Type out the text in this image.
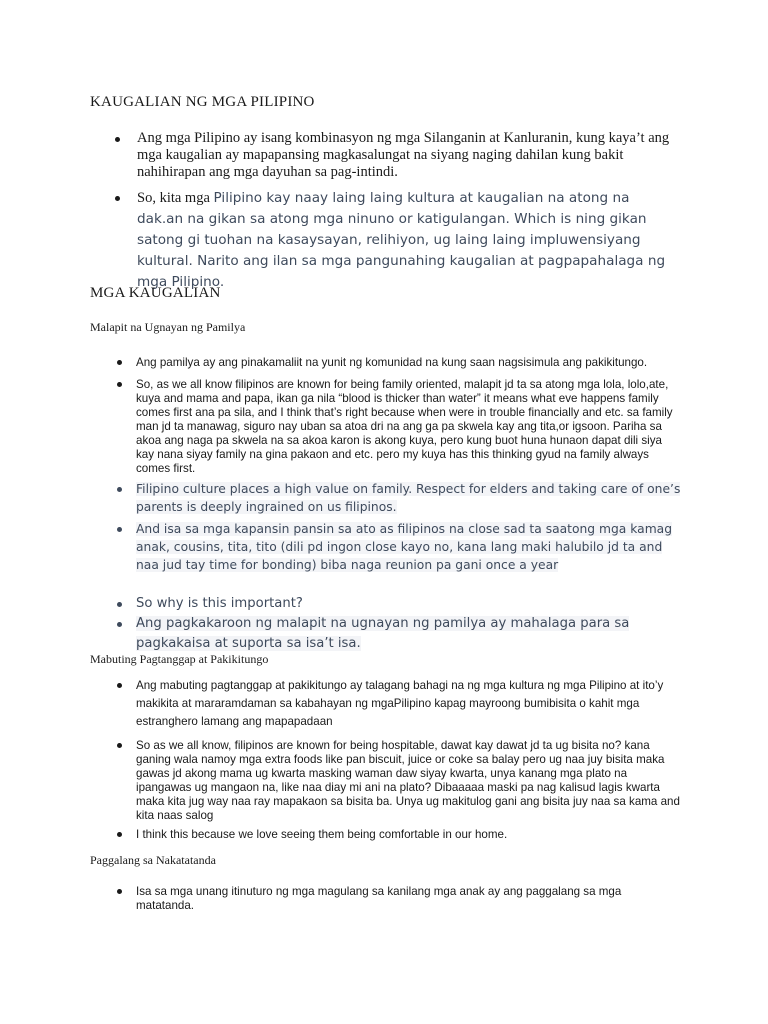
KAUGALIAN NG MGA PILIPINO
Ang mga Pilipino ay isang kombinasyon ng mga Silanganin at Kanluranin, kung kaya’t ang mga kaugalian ay mapapansing magkasalungat na siyang naging dahilan kung bakit nahihirapan ang mga dayuhan sa pag-intindi.
So, kita mga Pilipino kay naay laing laing kultura at kaugalian na atong na dak.an na gikan sa atong mga ninuno or katigulangan. Which is ning gikan satong gi tuohan na kasaysayan, relihiyon, ug laing laing impluwensiyang kultural. Narito ang ilan sa mga pangunahing kaugalian at pagpapahalaga ng mga Pilipino.
MGA KAUGALIAN
Malapit na Ugnayan ng Pamilya
Ang pamilya ay ang pinakamaliit na yunit ng komunidad na kung saan nagsisimula ang pakikitungo.
So, as we all know filipinos are known for being family oriented, malapit jd ta sa atong mga lola, lolo,ate, kuya and mama and papa, ikan ga nila “blood is thicker than water” it means what eve happens family comes first ana pa sila, and I think that’s right because when were in trouble financially and etc. sa family man jd ta manawag, siguro nay uban sa atoa dri na ang ga pa skwela kay ang tita,or igsoon. Pariha sa akoa ang naga pa skwela na sa akoa karon is akong kuya, pero kung buot huna hunaon dapat dili siya kay nana siyay family na gina pakaon and etc. pero my kuya has this thinking gyud na family always comes first.
Filipino culture places a high value on family. Respect for elders and taking care of one’s parents is deeply ingrained on us filipinos.
And isa sa mga kapansin pansin sa ato as filipinos na close sad ta saatong mga kamag anak, cousins, tita, tito (dili pd ingon close kayo no, kana lang maki halubilo jd ta and naa jud tay time for bonding) biba naga reunion pa gani once a year
So why is this important?
Ang pagkakaroon ng malapit na ugnayan ng pamilya ay mahalaga para sa pagkakaisa at suporta sa isa’t isa.
Mabuting Pagtanggap at Pakikitungo
Ang mabuting pagtanggap at pakikitungo ay talagang bahagi na ng mga kultura ng mga Pilipino at ito’y makikita at mararamdaman sa kabahayan ng mgaPilipino kapag mayroong bumibisita o kahit mga estranghero lamang ang mapapadaan
So as we all know, filipinos are known for being hospitable, dawat kay dawat jd ta ug bisita no? kana ganing wala namoy mga extra foods like pan biscuit, juice or coke sa balay pero ug naa juy bisita maka gawas jd akong mama ug kwarta masking waman daw siyay kwarta, unya kanang mga plato na ipangawas ug mangaon na, like naa diay mi ani na plato? Dibaaaaa maski pa nag kalisud lagis kwarta maka kita jug way naa ray mapakaon sa bisita ba. Unya ug makitulog gani ang bisita juy naa sa kama and kita naas salog
I think this because we love seeing them being comfortable in our home.
Paggalang sa Nakatatanda
Isa sa mga unang itinuturo ng mga magulang sa kanilang mga anak ay ang paggalang sa mga matatanda.
